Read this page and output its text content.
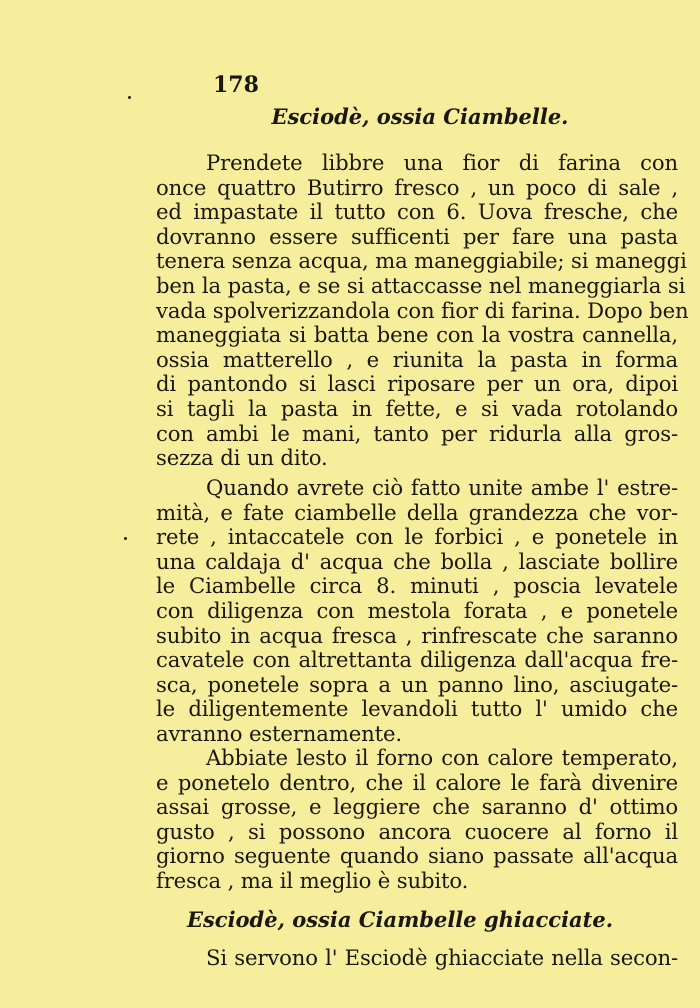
178
Esciodè, ossia Ciambelle.
Prendete libbre una fior di farina con
once quattro Butirro fresco , un poco di sale ,
ed impastate il tutto con 6. Uova fresche, che
dovranno essere sufficenti per fare una pasta
tenera senza acqua, ma maneggiabile; si maneggi
ben la pasta, e se si attaccasse nel maneggiarla si
vada spolverizzandola con fior di farina. Dopo ben
maneggiata si batta bene con la vostra cannella,
ossia matterello , e riunita la pasta in forma
di pantondo si lasci riposare per un ora, dipoi
si tagli la pasta in fette, e si vada rotolando
con ambi le mani, tanto per ridurla alla gros-
sezza di un dito.
Quando avrete ciò fatto unite ambe l' estre-
mità, e fate ciambelle della grandezza che vor-
rete , intaccatele con le forbici , e ponetele in
una caldaja d' acqua che bolla , lasciate bollire
le Ciambelle circa 8. minuti , poscia levatele
con diligenza con mestola forata , e ponetele
subito in acqua fresca , rinfrescate che saranno
cavatele con altrettanta diligenza dall'acqua fre-
sca, ponetele sopra a un panno lino, asciugate-
le diligentemente levandoli tutto l' umido che
avranno esternamente.
Abbiate lesto il forno con calore temperato,
e ponetelo dentro, che il calore le farà divenire
assai grosse, e leggiere che saranno d' ottimo
gusto , si possono ancora cuocere al forno il
giorno seguente quando siano passate all'acqua
fresca , ma il meglio è subito.
Esciodè, ossia Ciambelle ghiacciate.
Si servono l' Esciodè ghiacciate nella secon-
